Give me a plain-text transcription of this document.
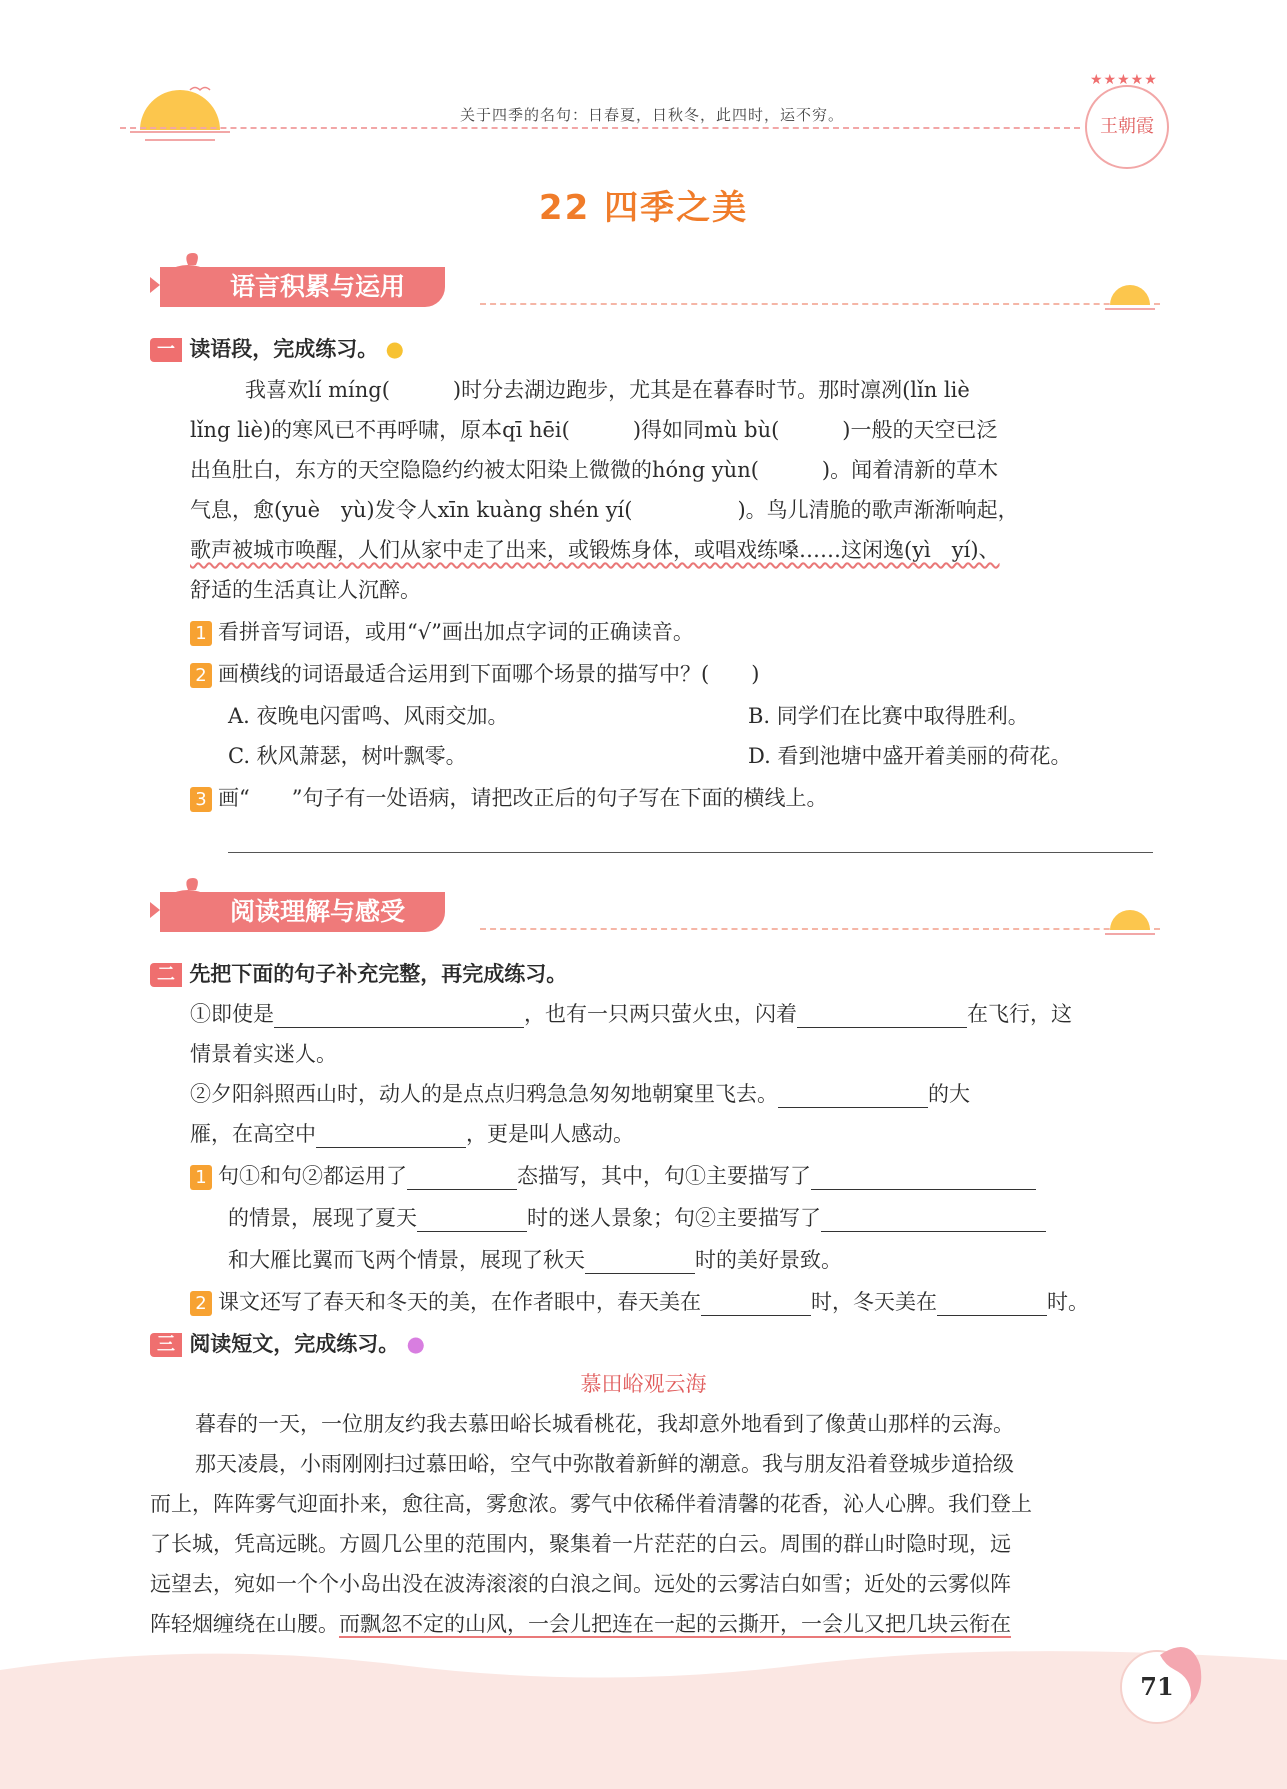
关于四季的名句：日春夏，日秋冬，此四时，运不穷。
王朝霞
★★★★★
22 四季之美
语言积累与运用
一 读语段，完成练习。 ●
我喜欢lí míng(　　　)时分去湖边跑步，尤其是在暮春时节。那时凛冽(lǐn liè
lǐng liè)的寒风已不再呼啸，原本qī hēi(　　　)得如同mù bù(　　　)一般的天空已泛
出鱼肚白，东方的天空隐隐约约被太阳染上微微的hóng yùn(　　　)。闻着清新的草木
气息，愈(yuè　yù)发令人xīn kuàng shén yí(　　　　　)。鸟儿清脆的歌声渐渐响起，
歌声被城市唤醒，人们从家中走了出来，或锻炼身体，或唱戏练嗓……这闲逸(yì　yí)、
舒适的生活真让人沉醉。
1 看拼音写词语，或用“√”画出加点字词的正确读音。
2 画横线的词语最适合运用到下面哪个场景的描写中？(　　)
A. 夜晚电闪雷鸣、风雨交加。	B. 同学们在比赛中取得胜利。
C. 秋风萧瑟，树叶飘零。	D. 看到池塘中盛开着美丽的荷花。
3 画“　　”句子有一处语病，请把改正后的句子写在下面的横线上。
阅读理解与感受
二 先把下面的句子补充完整，再完成练习。
①即使是	，也有一只两只萤火虫，闪着	在飞行，这
情景着实迷人。
②夕阳斜照西山时，动人的是点点归鸦急急匆匆地朝窠里飞去。	的大
雁，在高空中	，更是叫人感动。
1 句①和句②都运用了	态描写，其中，句①主要描写了
的情景，展现了夏天	时的迷人景象；句②主要描写了
和大雁比翼而飞两个情景，展现了秋天	时的美好景致。
2 课文还写了春天和冬天的美，在作者眼中，春天美在	时，冬天美在	时。
三 阅读短文，完成练习。 ●
慕田峪观云海
暮春的一天，一位朋友约我去慕田峪长城看桃花，我却意外地看到了像黄山那样的云海。
那天凌晨，小雨刚刚扫过慕田峪，空气中弥散着新鲜的潮意。我与朋友沿着登城步道拾级
而上，阵阵雾气迎面扑来，愈往高，雾愈浓。雾气中依稀伴着清馨的花香，沁人心脾。我们登上
了长城，凭高远眺。方圆几公里的范围内，聚集着一片茫茫的白云。周围的群山时隐时现，远
远望去，宛如一个个小岛出没在波涛滚滚的白浪之间。远处的云雾洁白如雪；近处的云雾似阵
阵轻烟缠绕在山腰。而飘忽不定的山风，一会儿把连在一起的云撕开，一会儿又把几块云衔在
71
